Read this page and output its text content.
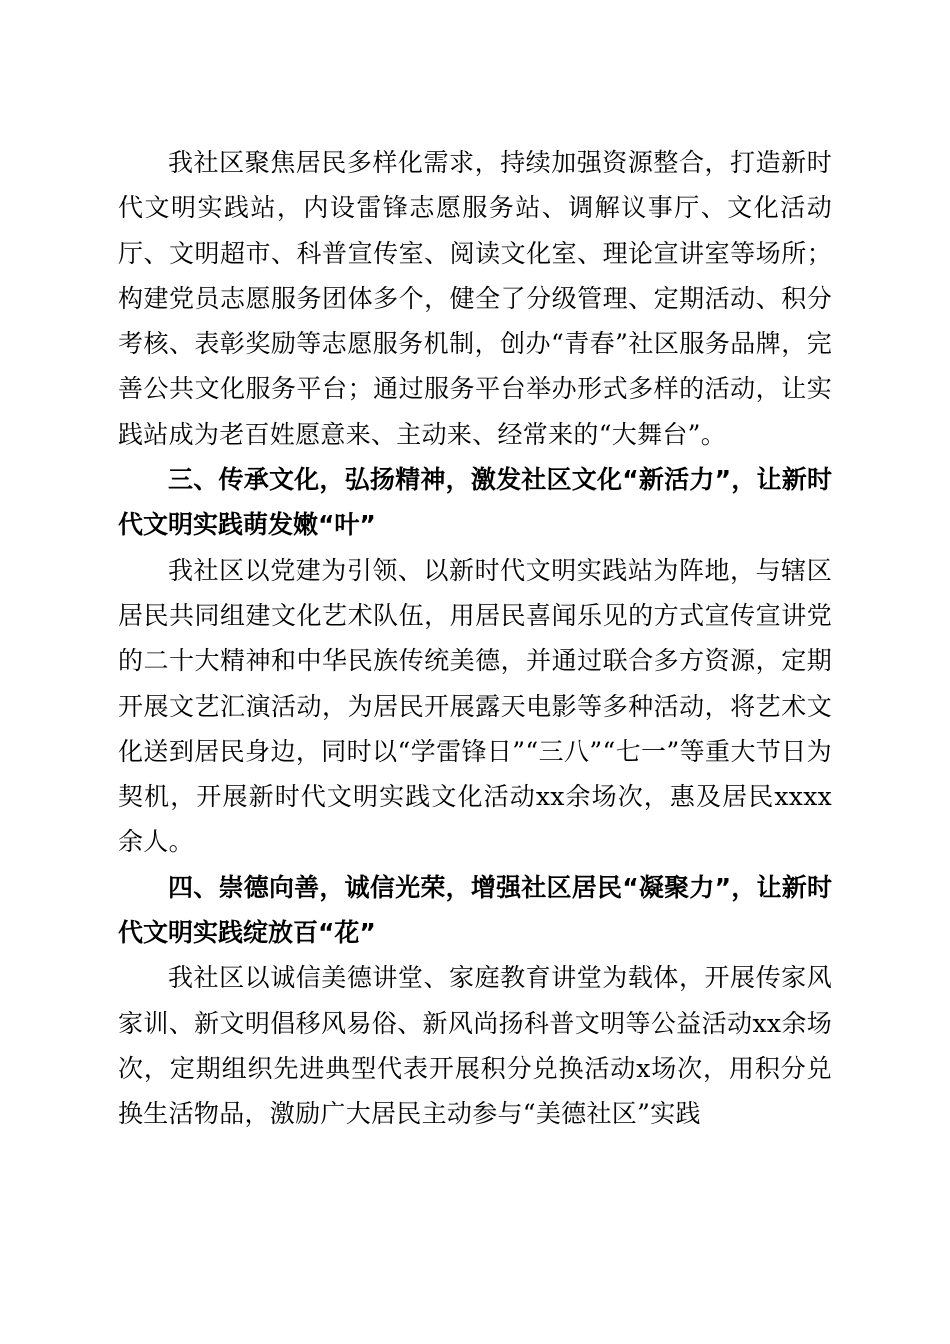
我社区聚焦居民多样化需求，持续加强资源整合，打造新时代文明实践站，内设雷锋志愿服务站、调解议事厅、文化活动厅、文明超市、科普宣传室、阅读文化室、理论宣讲室等场所；构建党员志愿服务团体多个，健全了分级管理、定期活动、积分考核、表彰奖励等志愿服务机制，创办“青春”社区服务品牌，完善公共文化服务平台；通过服务平台举办形式多样的活动，让实践站成为老百姓愿意来、主动来、经常来的“大舞台”。

三、传承文化，弘扬精神，激发社区文化“新活力”，让新时代文明实践萌发嫩“叶”

我社区以党建为引领、以新时代文明实践站为阵地，与辖区居民共同组建文化艺术队伍，用居民喜闻乐见的方式宣传宣讲党的二十大精神和中华民族传统美德，并通过联合多方资源，定期开展文艺汇演活动，为居民开展露天电影等多种活动，将艺术文化送到居民身边，同时以“学雷锋日”“三八”“七一”等重大节日为契机，开展新时代文明实践文化活动xx余场次，惠及居民xxxx余人。

四、崇德向善，诚信光荣，增强社区居民“凝聚力”，让新时代文明实践绽放百“花”

我社区以诚信美德讲堂、家庭教育讲堂为载体，开展传家风家训、新文明倡移风易俗、新风尚扬科普文明等公益活动xx余场次，定期组织先进典型代表开展积分兑换活动x场次，用积分兑换生活物品，激励广大居民主动参与“美德社区”实践
